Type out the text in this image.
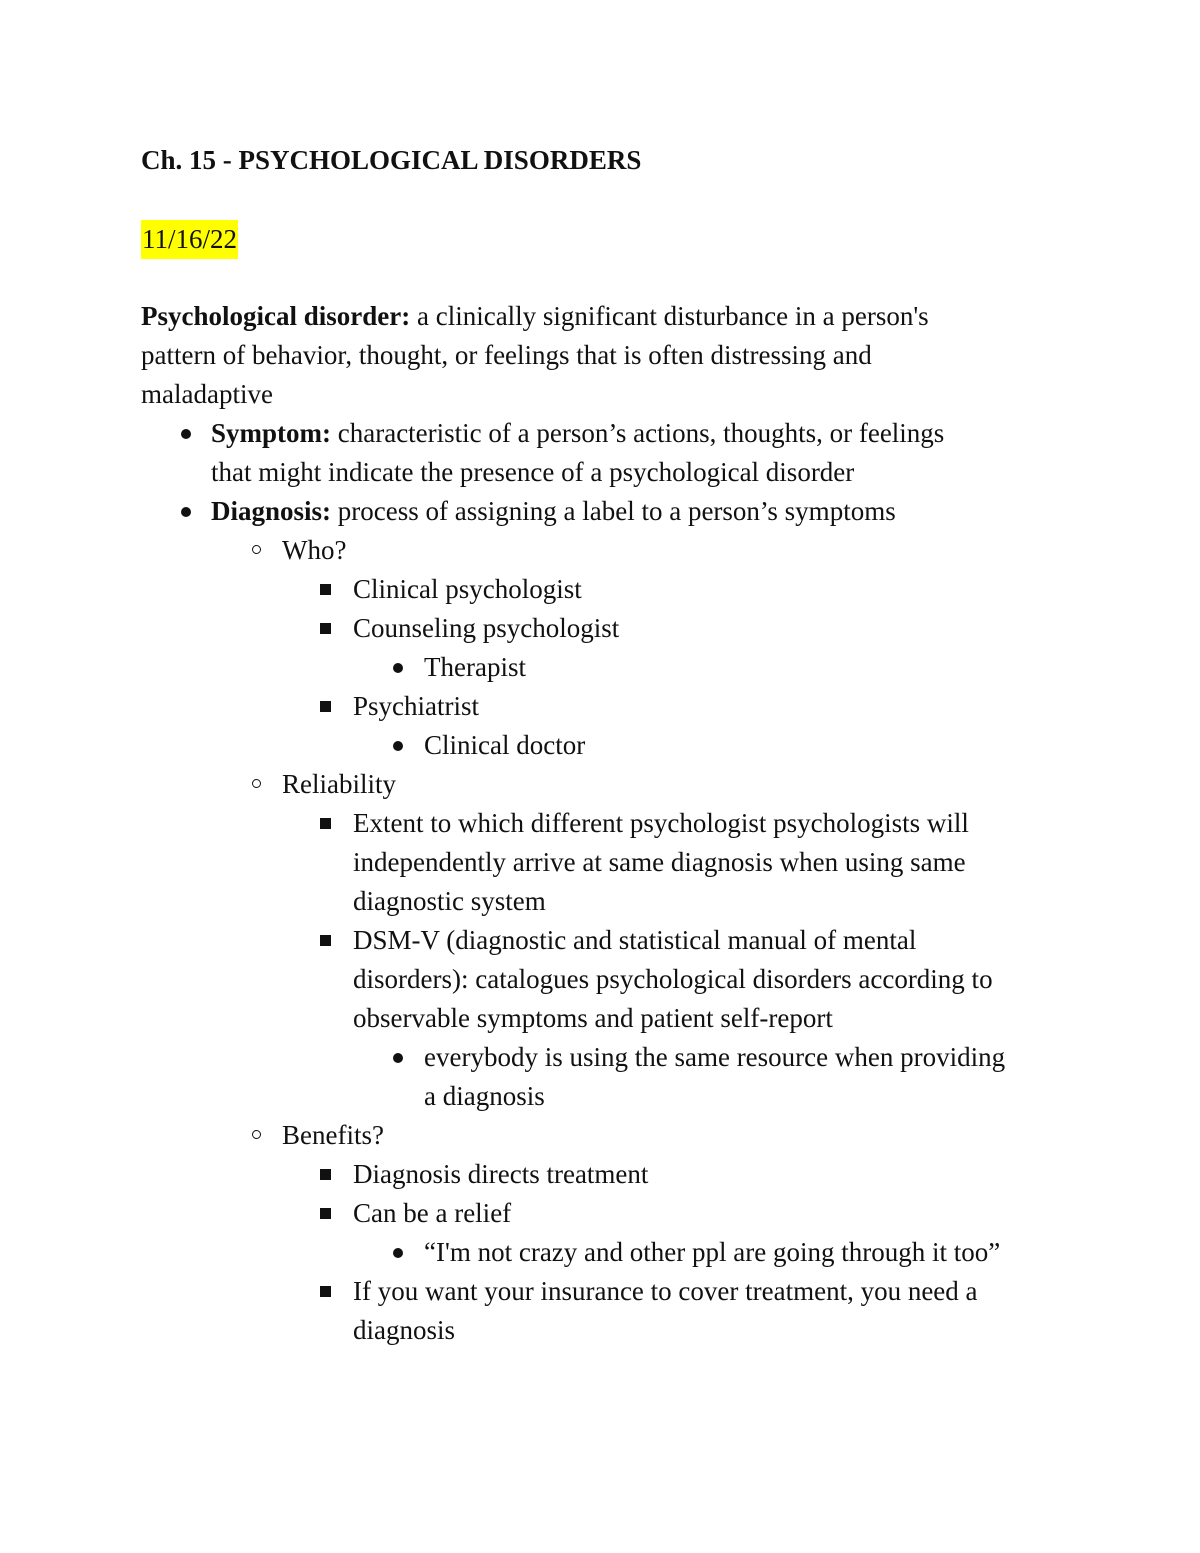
Ch. 15 - PSYCHOLOGICAL DISORDERS
11/16/22
Psychological disorder: a clinically significant disturbance in a person's
pattern of behavior, thought, or feelings that is often distressing and
maladaptive
Symptom: characteristic of a person’s actions, thoughts, or feelings
that might indicate the presence of a psychological disorder
Diagnosis: process of assigning a label to a person’s symptoms
Who?
Clinical psychologist
Counseling psychologist
Therapist
Psychiatrist
Clinical doctor
Reliability
Extent to which different psychologist psychologists will
independently arrive at same diagnosis when using same
diagnostic system
DSM-V (diagnostic and statistical manual of mental
disorders): catalogues psychological disorders according to
observable symptoms and patient self-report
everybody is using the same resource when providing
a diagnosis
Benefits?
Diagnosis directs treatment
Can be a relief
“I'm not crazy and other ppl are going through it too”
If you want your insurance to cover treatment, you need a
diagnosis
